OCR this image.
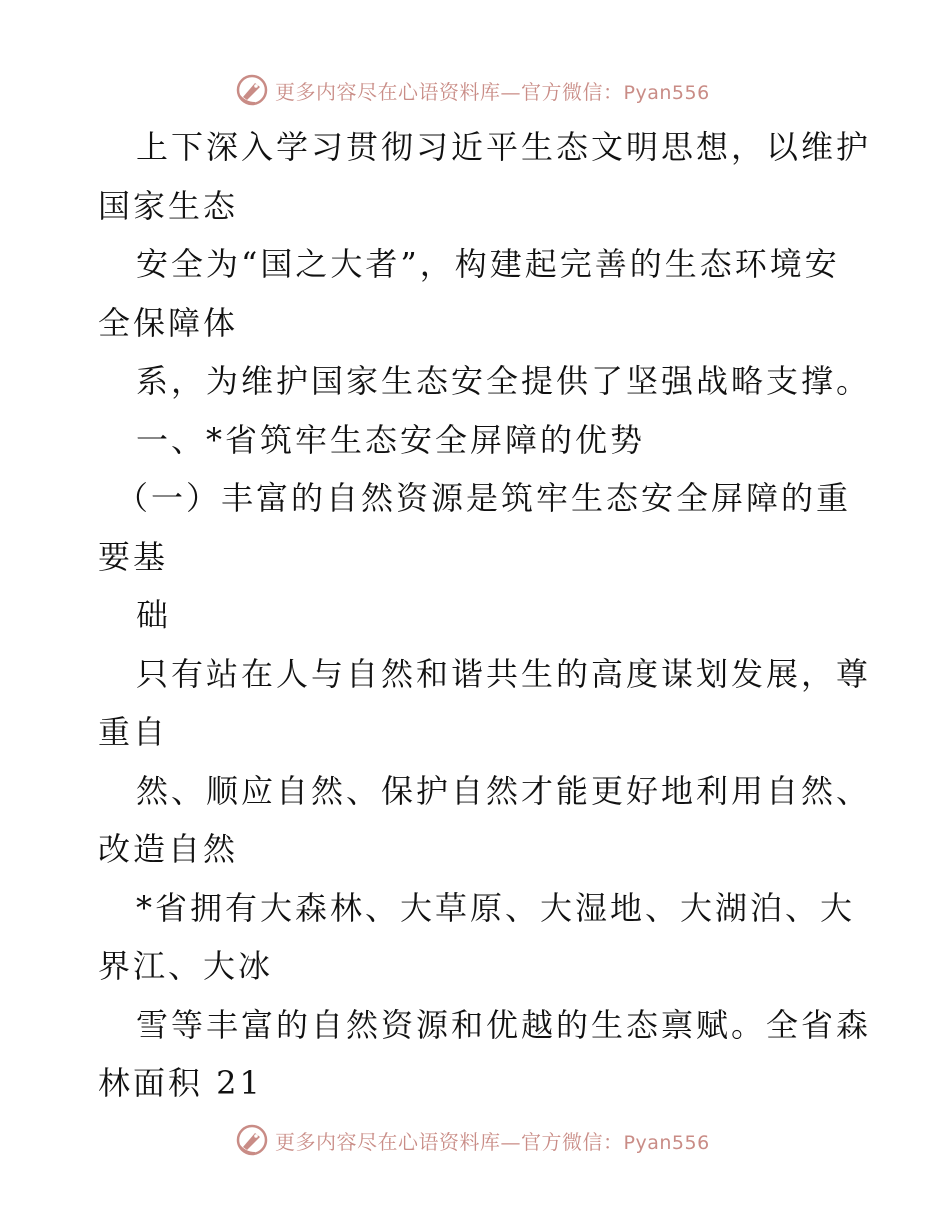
更多内容尽在心语资料库—官方微信：Pyan556
上下深入学习贯彻习近平生态文明思想，以维护
国家生态
安全为“国之大者”，构建起完善的生态环境安
全保障体
系，为维护国家生态安全提供了坚强战略支撑。
一、*省筑牢生态安全屏障的优势
（一）丰富的自然资源是筑牢生态安全屏障的重
要基
础
只有站在人与自然和谐共生的高度谋划发展，尊
重自
然、顺应自然、保护自然才能更好地利用自然、
改造自然
*省拥有大森林、大草原、大湿地、大湖泊、大
界江、大冰
雪等丰富的自然资源和优越的生态禀赋。全省森
林面积 21
更多内容尽在心语资料库—官方微信：Pyan556
